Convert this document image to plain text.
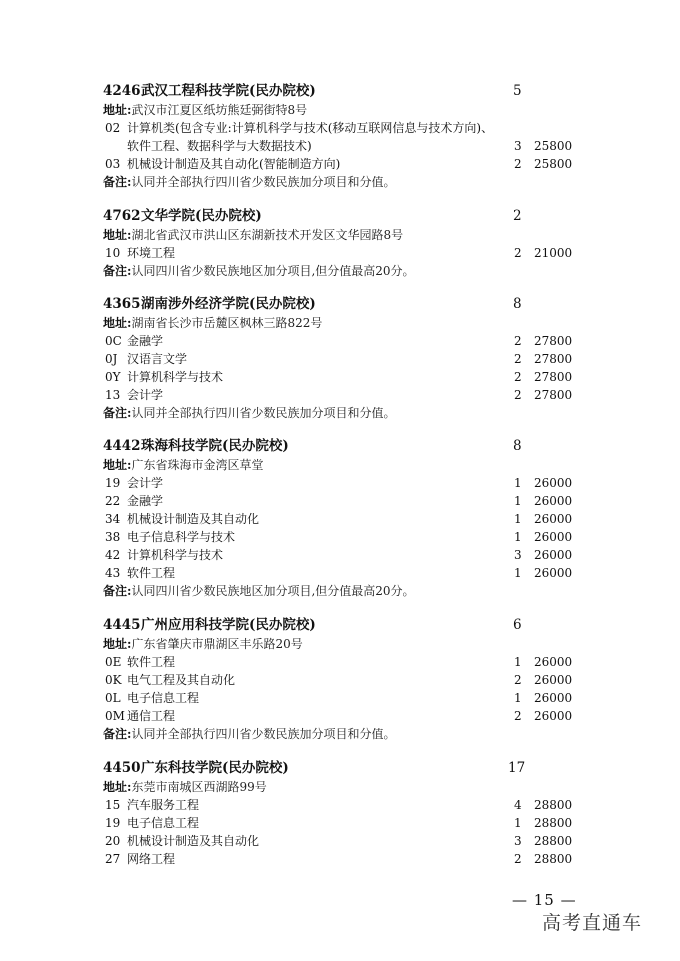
4246武汉工程科技学院(民办院校)	5
地址:武汉市江夏区纸坊熊廷弼街特8号
02 计算机类(包含专业:计算机科学与技术(移动互联网信息与技术方向)、
软件工程、数据科学与大数据技术)	3 25800
03 机械设计制造及其自动化(智能制造方向)	2 25800
备注:认同并全部执行四川省少数民族加分项目和分值。
4762文华学院(民办院校)	2
地址:湖北省武汉市洪山区东湖新技术开发区文华园路8号
10 环境工程	2 21000
备注:认同四川省少数民族地区加分项目,但分值最高20分。
4365湖南涉外经济学院(民办院校)	8
地址:湖南省长沙市岳麓区枫林三路822号
0C 金融学	2 27800
0J 汉语言文学	2 27800
0Y 计算机科学与技术	2 27800
13 会计学	2 27800
备注:认同并全部执行四川省少数民族加分项目和分值。
4442珠海科技学院(民办院校)	8
地址:广东省珠海市金湾区草堂
19 会计学	1 26000
22 金融学	1 26000
34 机械设计制造及其自动化	1 26000
38 电子信息科学与技术	1 26000
42 计算机科学与技术	3 26000
43 软件工程	1 26000
备注:认同四川省少数民族地区加分项目,但分值最高20分。
4445广州应用科技学院(民办院校)	6
地址:广东省肇庆市鼎湖区丰乐路20号
0E 软件工程	1 26000
0K 电气工程及其自动化	2 26000
0L 电子信息工程	1 26000
0M 通信工程	2 26000
备注:认同并全部执行四川省少数民族加分项目和分值。
4450广东科技学院(民办院校)	17
地址:东莞市南城区西湖路99号
15 汽车服务工程	4 28800
19 电子信息工程	1 28800
20 机械设计制造及其自动化	3 28800
27 网络工程	2 28800
— 15 —
高考直通车
